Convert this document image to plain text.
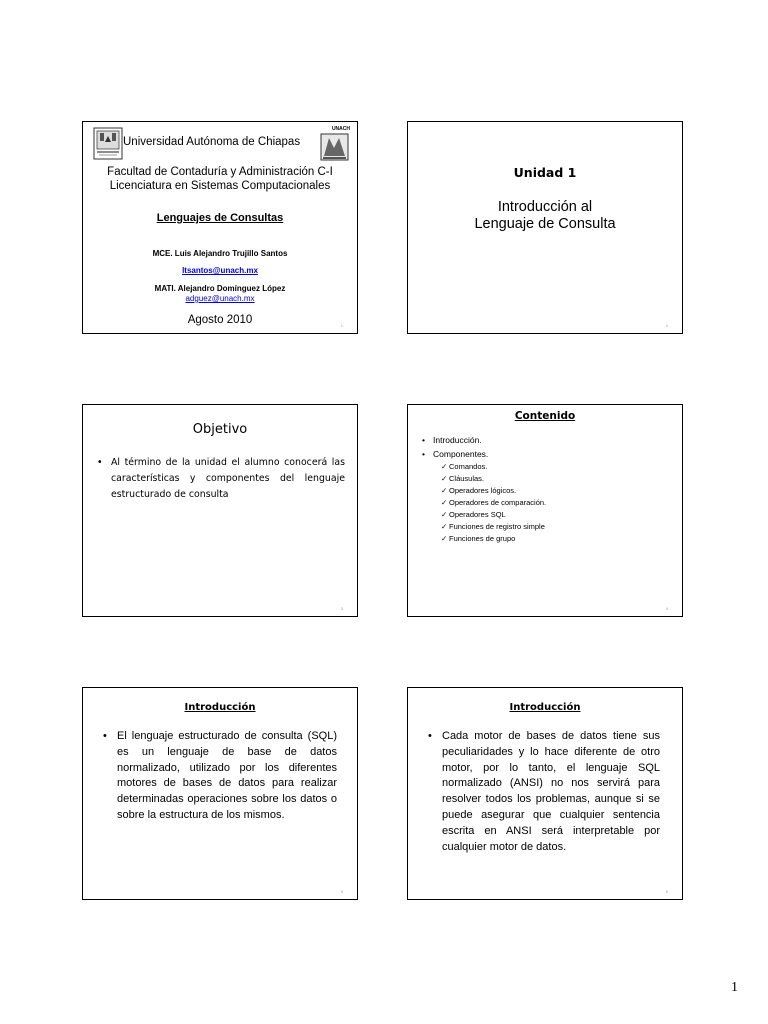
Universidad Autónoma de Chiapas
UNACH
Facultad de Contaduría y Administración C-I
Licenciatura en Sistemas Computacionales
Lenguajes de Consultas
MCE. Luis Alejandro Trujillo Santos
ltsantos@unach.mx
MATI. Alejandro Domínguez López
adguez@unach.mx
Agosto 2010	1
Unidad 1
Introducción al
Lenguaje de Consulta
2
Objetivo
• Al término de la unidad el alumno conocerá las características y componentes del lenguaje estructurado de consulta
3
Contenido
• Introducción.
• Componentes.
✓ Comandos.
✓ Cláusulas.
✓ Operadores lógicos.
✓ Operadores de comparación.
✓ Operadores SQL
✓ Funciones de registro simple
✓ Funciones de grupo
4
Introducción
• El lenguaje estructurado de consulta (SQL) es un lenguaje de base de datos normalizado, utilizado por los diferentes motores de bases de datos para realizar determinadas operaciones sobre los datos o sobre la estructura de los mismos.
5
Introducción
• Cada motor de bases de datos tiene sus peculiaridades y lo hace diferente de otro motor, por lo tanto, el lenguaje SQL normalizado (ANSI) no nos servirá para resolver todos los problemas, aunque si se puede asegurar que cualquier sentencia escrita en ANSI será interpretable por cualquier motor de datos.
6
1
